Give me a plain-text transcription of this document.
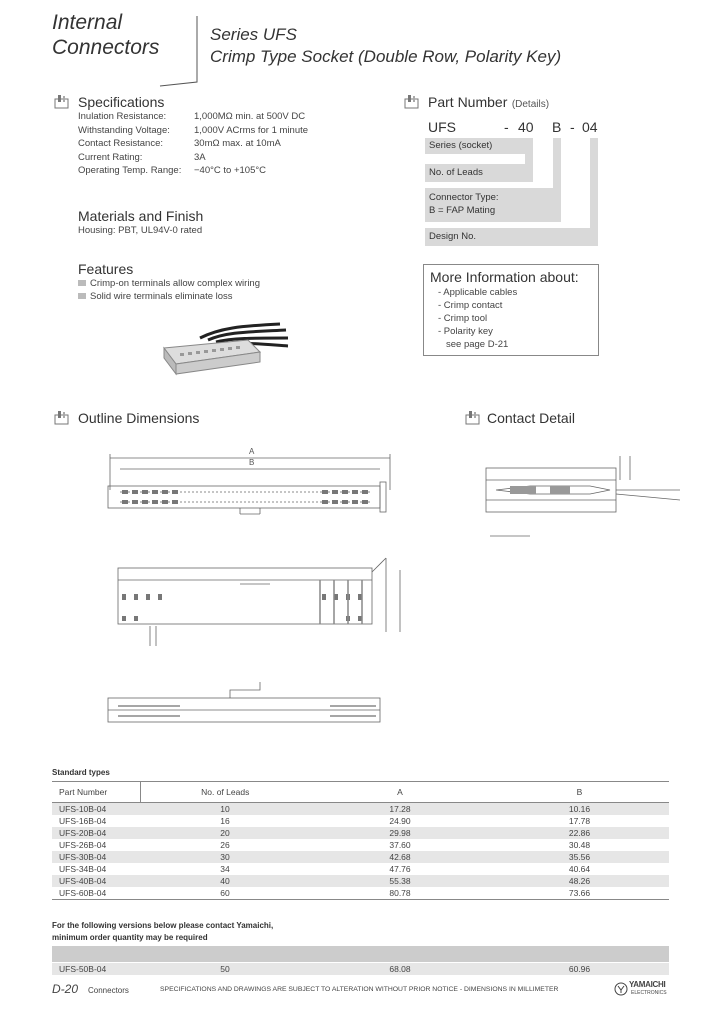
Internal
Connectors
Series UFS
Crimp Type Socket (Double Row, Polarity Key)
Specifications
Inulation Resistance:	1,000MΩ min. at 500V DC
Withstanding Voltage:	1,000V ACrms for 1 minute
Contact Resistance:	30mΩ max. at 10mA
Current Rating:	3A
Operating Temp. Range: −40°C to +105°C
Materials and Finish
Housing: PBT, UL94V-0 rated
Features
Crimp-on terminals allow complex wiring
Solid wire terminals eliminate loss
Part Number (Details)
UFS	- 40 B - 04
Series (socket)
No. of Leads
Connector Type:
B = FAP Mating
Design No.
More Information about:
- Applicable cables
- Crimp contact
- Crimp tool
- Polarity key
see page D-21
Outline Dimensions
A
B
Contact Detail
Standard types
Part Number	No. of Leads	A	B
UFS-10B-04	10	17.28	10.16
UFS-16B-04	16	24.90	17.78
UFS-20B-04	20	29.98	22.86
UFS-26B-04	26	37.60	30.48
UFS-30B-04	30	42.68	35.56
UFS-34B-04	34	47.76	40.64
UFS-40B-04	40	55.38	48.26
UFS-60B-04	60	80.78	73.66
For the following versions below please contact Yamaichi,
minimum order quantity may be required
UFS-50B-04	50	68.08	60.96
D-20 Connectors	SPECIFICATIONS AND DRAWINGS ARE SUBJECT TO ALTERATION WITHOUT PRIOR NOTICE - DIMENSIONS IN MILLIMETER
YAMAICHI
ELECTRONICS
